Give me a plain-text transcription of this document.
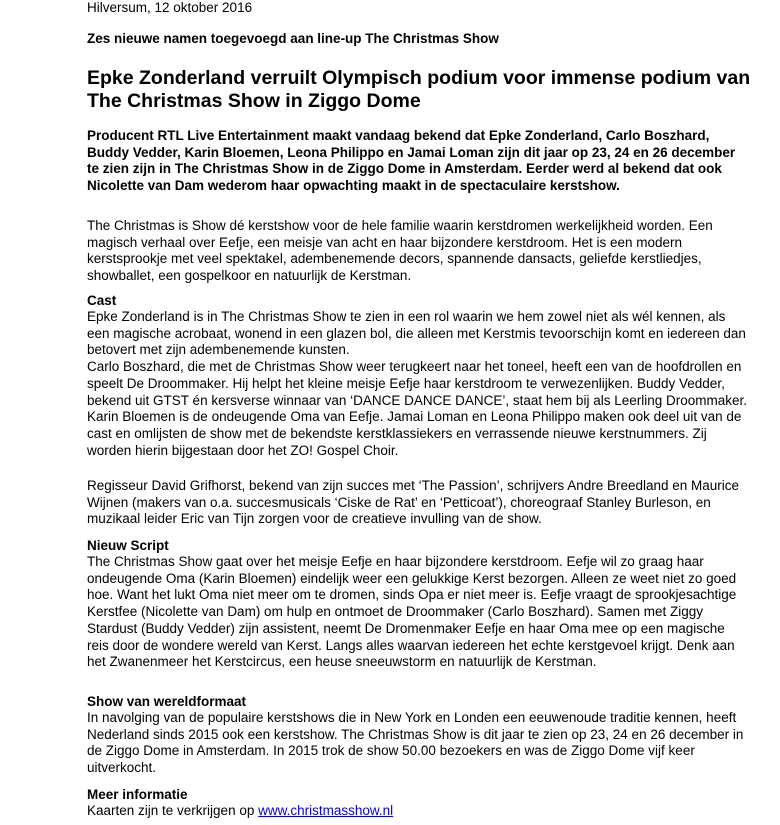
Hilversum, 12 oktober 2016

Zes nieuwe namen toegevoegd aan line-up The Christmas Show

Epke Zonderland verruilt Olympisch podium voor immense podium van The Christmas Show in Ziggo Dome

Producent RTL Live Entertainment maakt vandaag bekend dat Epke Zonderland, Carlo Boszhard, Buddy Vedder, Karin Bloemen, Leona Philippo en Jamai Loman zijn dit jaar op 23, 24 en 26 december te zien zijn in The Christmas Show in de Ziggo Dome in Amsterdam. Eerder werd al bekend dat ook Nicolette van Dam wederom haar opwachting maakt in de spectaculaire kerstshow.

The Christmas is Show dé kerstshow voor de hele familie waarin kerstdromen werkelijkheid worden. Een magisch verhaal over Eefje, een meisje van acht en haar bijzondere kerstdroom. Het is een modern kerstsprookje met veel spektakel, adembenemende decors, spannende dansacts, geliefde kerstliedjes, showballet, een gospelkoor en natuurlijk de Kerstman.

Cast

Epke Zonderland is in The Christmas Show te zien in een rol waarin we hem zowel niet als wél kennen, als een magische acrobaat, wonend in een glazen bol, die alleen met Kerstmis tevoorschijn komt en iedereen dan betovert met zijn adembenemende kunsten.
Carlo Boszhard, die met de Christmas Show weer terugkeert naar het toneel, heeft een van de hoofdrollen en speelt De Droommaker. Hij helpt het kleine meisje Eefje haar kerstdroom te verwezenlijken. Buddy Vedder, bekend uit GTST én kersverse winnaar van ‘DANCE DANCE DANCE’, staat hem bij als Leerling Droommaker. Karin Bloemen is de ondeugende Oma van Eefje. Jamai Loman en Leona Philippo maken ook deel uit van de cast en omlijsten de show met de bekendste kerstklassiekers en verrassende nieuwe kerstnummers. Zij worden hierin bijgestaan door het ZO! Gospel Choir.

Regisseur David Grifhorst, bekend van zijn succes met ‘The Passion’, schrijvers Andre Breedland en Maurice Wijnen (makers van o.a. succesmusicals ‘Ciske de Rat’ en ‘Petticoat’), choreograaf Stanley Burleson, en muzikaal leider Eric van Tijn zorgen voor de creatieve invulling van de show.

Nieuw Script

The Christmas Show gaat over het meisje Eefje en haar bijzondere kerstdroom. Eefje wil zo graag haar ondeugende Oma (Karin Bloemen) eindelijk weer een gelukkige Kerst bezorgen. Alleen ze weet niet zo goed hoe. Want het lukt Oma niet meer om te dromen, sinds Opa er niet meer is. Eefje vraagt de sprookjesachtige Kerstfee (Nicolette van Dam) om hulp en ontmoet de Droommaker (Carlo Boszhard). Samen met Ziggy Stardust (Buddy Vedder) zijn assistent, neemt De Dromenmaker Eefje en haar Oma mee op een magische reis door de wondere wereld van Kerst. Langs alles waarvan iedereen het echte kerstgevoel krijgt. Denk aan het Zwanenmeer het Kerstcircus, een heuse sneeuwstorm en natuurlijk de Kerstman.

Show van wereldformaat

In navolging van de populaire kerstshows die in New York en Londen een eeuwenoude traditie kennen, heeft Nederland sinds 2015 ook een kerstshow. The Christmas Show is dit jaar te zien op 23, 24 en 26 december in de Ziggo Dome in Amsterdam. In 2015 trok de show 50.00 bezoekers en was de Ziggo Dome vijf keer uitverkocht.

Meer informatie

Kaarten zijn te verkrijgen op www.christmasshow.nl
